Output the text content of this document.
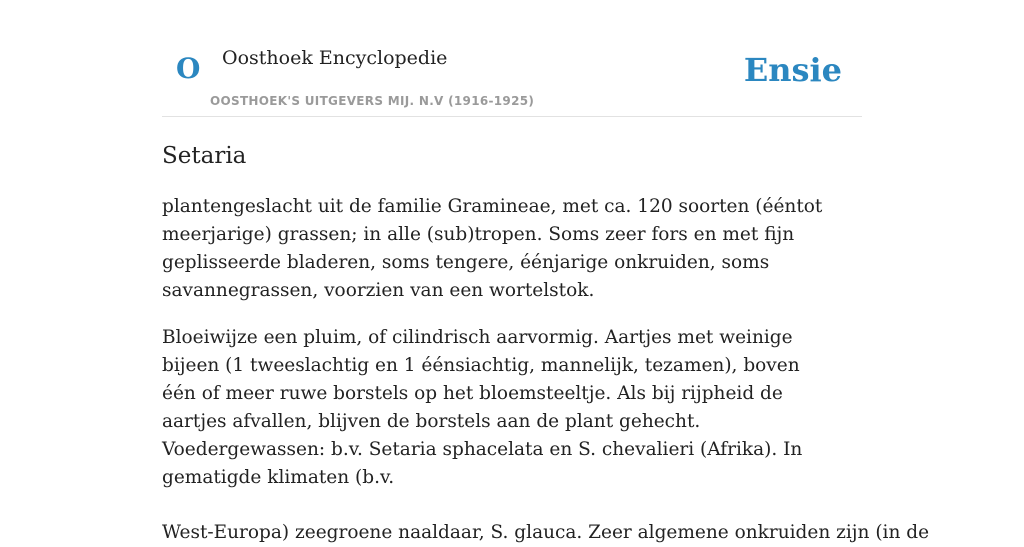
O Oosthoek Encyclopedie
OOSTHOEK'S UITGEVERS MIJ. N.V (1916-1925)
Ensie
Setaria

plantengeslacht uit de familie Gramineae, met ca. 120 soorten (ééntot meerjarige) grassen; in alle (sub)tropen. Soms zeer fors en met fijn geplisseerde bladeren, soms tengere, éénjarige onkruiden, soms savannegrassen, voorzien van een wortelstok.

Bloeiwijze een pluim, of cilindrisch aarvormig. Aartjes met weinige bijeen (1 tweeslachtig en 1 éénsiachtig, mannelijk, tezamen), boven één of meer ruwe borstels op het bloemsteeltje. Als bij rijpheid de aartjes afvallen, blijven de borstels aan de plant gehecht. Voedergewassen: b.v. Setaria sphacelata en S. chevalieri (Afrika). In gematigde klimaten (b.v.

West-Europa) zeegroene naaldaar, S. glauca. Zeer algemene onkruiden zijn (in de
